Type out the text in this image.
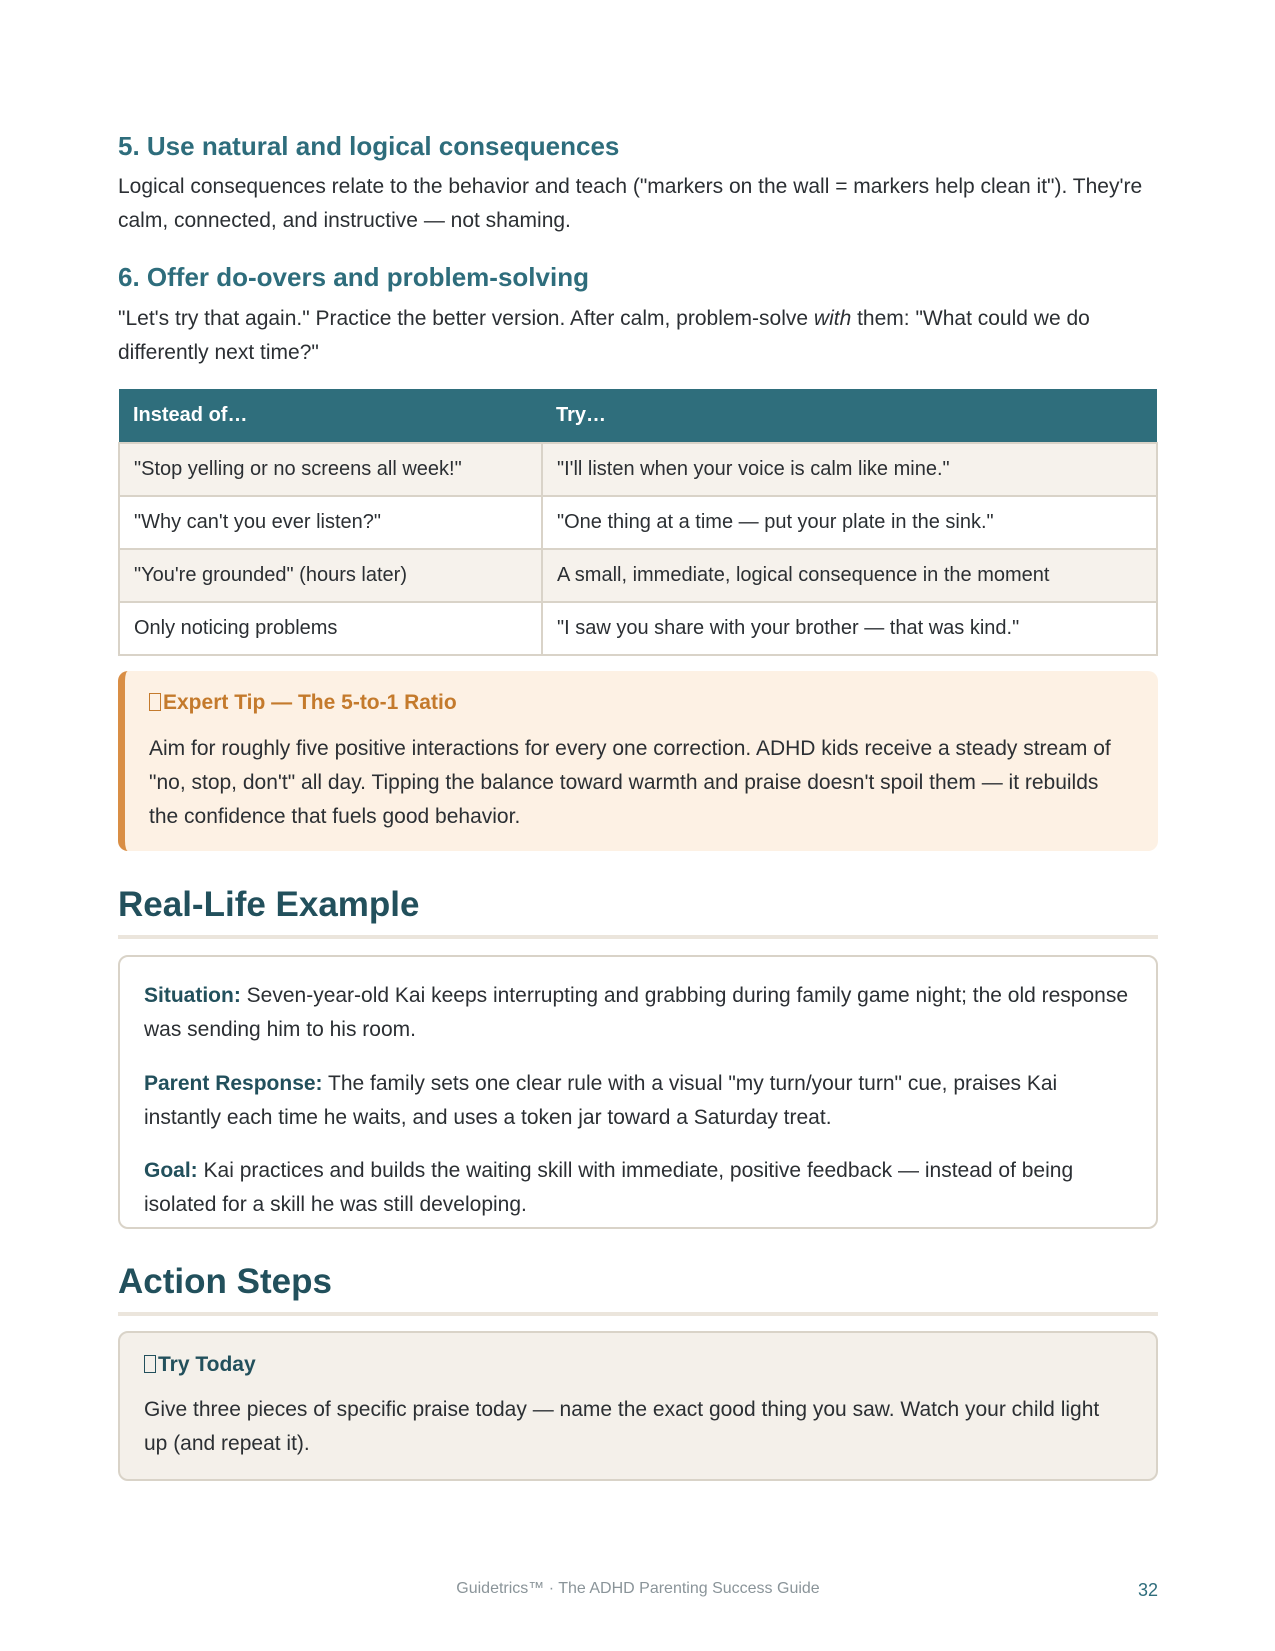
5. Use natural and logical consequences

Logical consequences relate to the behavior and teach ("markers on the wall = markers help clean it"). They're calm, connected, and instructive — not shaming.

6. Offer do-overs and problem-solving

"Let's try that again." Practice the better version. After calm, problem-solve with them: "What could we do differently next time?"

Instead of…	Try…
"Stop yelling or no screens all week!"	"I'll listen when your voice is calm like mine."
"Why can't you ever listen?"	"One thing at a time — put your plate in the sink."
"You're grounded" (hours later)	A small, immediate, logical consequence in the moment
Only noticing problems	"I saw you share with your brother — that was kind."
Expert Tip — The 5-to-1 Ratio
Aim for roughly five positive interactions for every one correction. ADHD kids receive a steady stream of "no, stop, don't" all day. Tipping the balance toward warmth and praise doesn't spoil them — it rebuilds the confidence that fuels good behavior.
Real-Life Example
Situation: Seven-year-old Kai keeps interrupting and grabbing during family game night; the old response was sending him to his room.
Parent Response: The family sets one clear rule with a visual "my turn/your turn" cue, praises Kai instantly each time he waits, and uses a token jar toward a Saturday treat.
Goal: Kai practices and builds the waiting skill with immediate, positive feedback — instead of being isolated for a skill he was still developing.
Action Steps
Try Today
Give three pieces of specific praise today — name the exact good thing you saw. Watch your child light up (and repeat it).
Guidetrics™ · The ADHD Parenting Success Guide	32
